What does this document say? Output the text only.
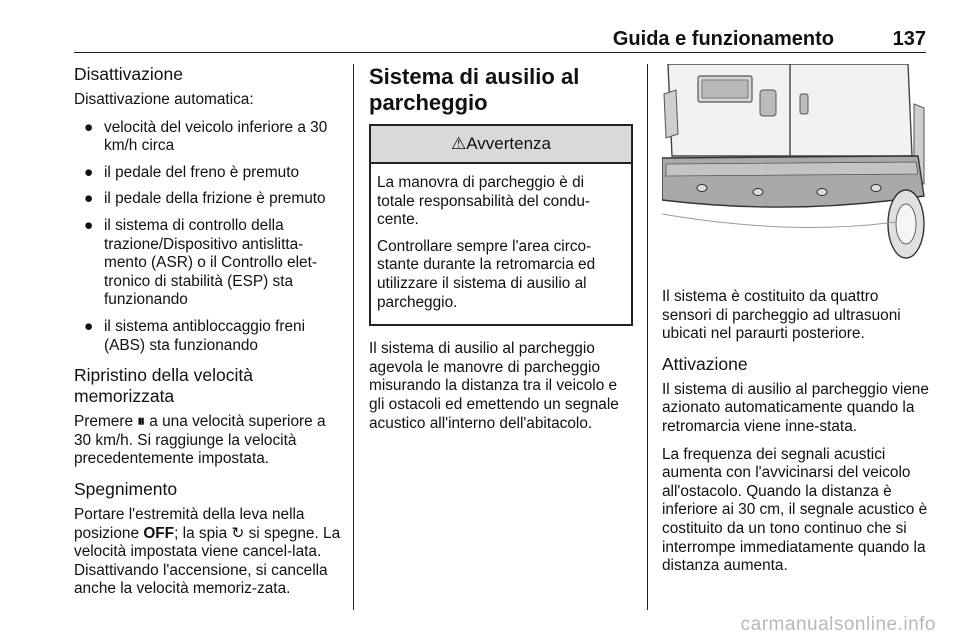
Guida e funzionamento	137
Disattivazione

Disattivazione automatica:

● velocità del veicolo inferiore a 30 km/h circa
● il pedale del freno è premuto
● il pedale della frizione è premuto
● il sistema di controllo della trazione/Dispositivo antislitta-mento (ASR) o il Controllo elet-tronico di stabilità (ESP) sta funzionando
● il sistema antibloccaggio freni (ABS) sta funzionando
Ripristino della velocità memorizzata

Premere ⏸ a una velocità superiore a 30 km/h. Si raggiunge la velocità precedentemente impostata.

Spegnimento

Portare l'estremità della leva nella posizione OFF; la spia ↻ si spegne. La velocità impostata viene cancel-lata. Disattivando l'accensione, si cancella anche la velocità memoriz-zata.

Sistema di ausilio al parcheggio
⚠Avvertenza

La manovra di parcheggio è di totale responsabilità del condu-cente.

Controllare sempre l'area circo-stante durante la retromarcia ed utilizzare il sistema di ausilio al parcheggio.

Il sistema di ausilio al parcheggio agevola le manovre di parcheggio misurando la distanza tra il veicolo e gli ostacoli ed emettendo un segnale acustico all'interno dell'abitacolo.

Il sistema è costituito da quattro sensori di parcheggio ad ultrasuoni ubicati nel paraurti posteriore.

Attivazione

Il sistema di ausilio al parcheggio viene azionato automaticamente quando la retromarcia viene inne-stata.

La frequenza dei segnali acustici aumenta con l'avvicinarsi del veicolo all'ostacolo. Quando la distanza è inferiore ai 30 cm, il segnale acustico è costituito da un tono continuo che si interrompe immediatamente quando la distanza aumenta.

carmanualsonline.info
